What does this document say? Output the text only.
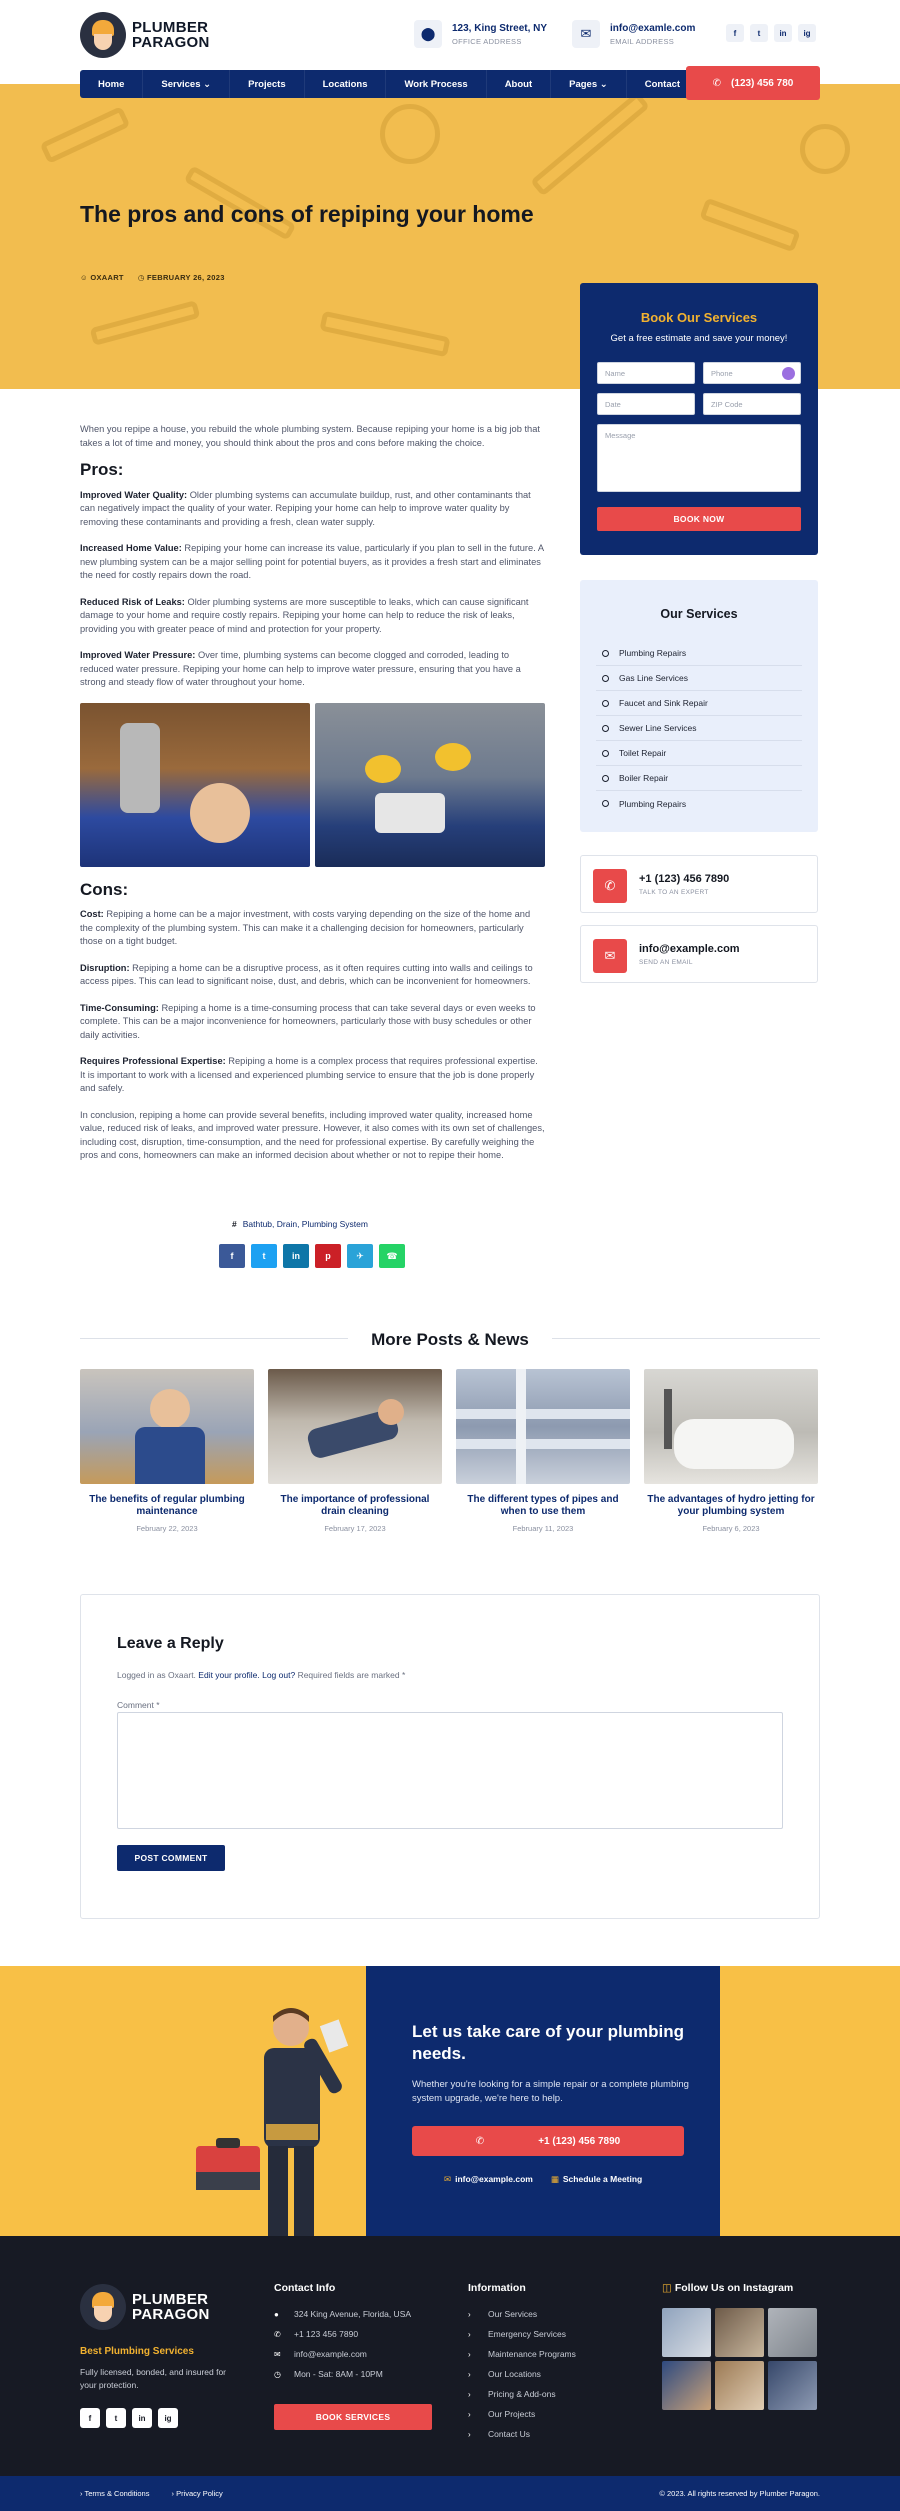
PLUMBER
PARAGON
⬤	123, King Street, NY
OFFICE ADDRESS	✉	info@examle.com
EMAIL ADDRESS
f	t	in	ig
The pros and cons of repiping your home
☺ OXAART ◷ FEBRUARY 26, 2023
Home	Services ⌄	Projects	Locations	Work Process	About	Pages ⌄	Contact	✆ (123) 456 780
Book Our Services
Get a free estimate and save your money!
Name	Phone
Date	ZIP Code
Message
BOOK NOW

When you repipe a house, you rebuild the whole plumbing system. Because repiping your home is a big job that takes a lot of time and money, you should think about the pros and cons before making the choice.

Pros:

Improved Water Quality: Older plumbing systems can accumulate buildup, rust, and other contaminants that can negatively impact the quality of your water. Repiping your home can help to improve water quality by removing these contaminants and providing a fresh, clean water supply.

Increased Home Value: Repiping your home can increase its value, particularly if you plan to sell in the future. A new plumbing system can be a major selling point for potential buyers, as it provides a fresh start and eliminates the need for costly repairs down the road.

Reduced Risk of Leaks: Older plumbing systems are more susceptible to leaks, which can cause significant damage to your home and require costly repairs. Repiping your home can help to reduce the risk of leaks, providing you with greater peace of mind and protection for your property.

Improved Water Pressure: Over time, plumbing systems can become clogged and corroded, leading to reduced water pressure. Repiping your home can help to improve water pressure, ensuring that you have a strong and steady flow of water throughout your home.

Cons:

Cost: Repiping a home can be a major investment, with costs varying depending on the size of the home and the complexity of the plumbing system. This can make it a challenging decision for homeowners, particularly those on a tight budget.

Disruption: Repiping a home can be a disruptive process, as it often requires cutting into walls and ceilings to access pipes. This can lead to significant noise, dust, and debris, which can be inconvenient for homeowners.

Time-Consuming: Repiping a home is a time-consuming process that can take several days or even weeks to complete. This can be a major inconvenience for homeowners, particularly those with busy schedules or other daily activities.

Requires Professional Expertise: Repiping a home is a complex process that requires professional expertise. It is important to work with a licensed and experienced plumbing service to ensure that the job is done properly and safely.

In conclusion, repiping a home can provide several benefits, including improved water quality, increased home value, reduced risk of leaks, and improved water pressure. However, it also comes with its own set of challenges, including cost, disruption, time-consumption, and the need for professional expertise. By carefully weighing the pros and cons, homeowners can make an informed decision about whether or not to repipe their home.

# Bathtub, Drain, Plumbing System
f	t	in	p	✈	☎
Our Services
Plumbing Repairs
Gas Line Services
Faucet and Sink Repair
Sewer Line Services
Toilet Repair
Boiler Repair
Plumbing Repairs
✆	+1 (123) 456 7890
TALK TO AN EXPERT
✉	info@example.com
SEND AN EMAIL
More Posts & News
The benefits of regular plumbing maintenance
February 22, 2023
The importance of professional drain cleaning
February 17, 2023
The different types of pipes and when to use them
February 11, 2023
The advantages of hydro jetting for your plumbing system
February 6, 2023
Leave a Reply
Logged in as Oxaart. Edit your profile. Log out? Required fields are marked *
Comment *
POST COMMENT
Let us take care of your plumbing needs.
Whether you're looking for a simple repair or a complete plumbing system upgrade, we're here to help.
✆	+1 (123) 456 7890
✉ info@example.com ▦ Schedule a Meeting
PLUMBER
PARAGON
Best Plumbing Services
Fully licensed, bonded, and insured for your protection.
f	t	in	ig
Contact Info
●	324 King Avenue, Florida, USA
✆ +1 123 456 7890
✉ info@example.com
◷ Mon - Sat: 8AM - 10PM
BOOK SERVICES
Information
›	Our Services
›	Emergency Services
›	Maintenance Programs
›	Our Locations
›	Pricing & Add-ons
›	Our Projects
›	Contact Us
◫ Follow Us on Instagram
› Terms & Conditions	› Privacy Policy	© 2023. All rights reserved by Plumber Paragon.
